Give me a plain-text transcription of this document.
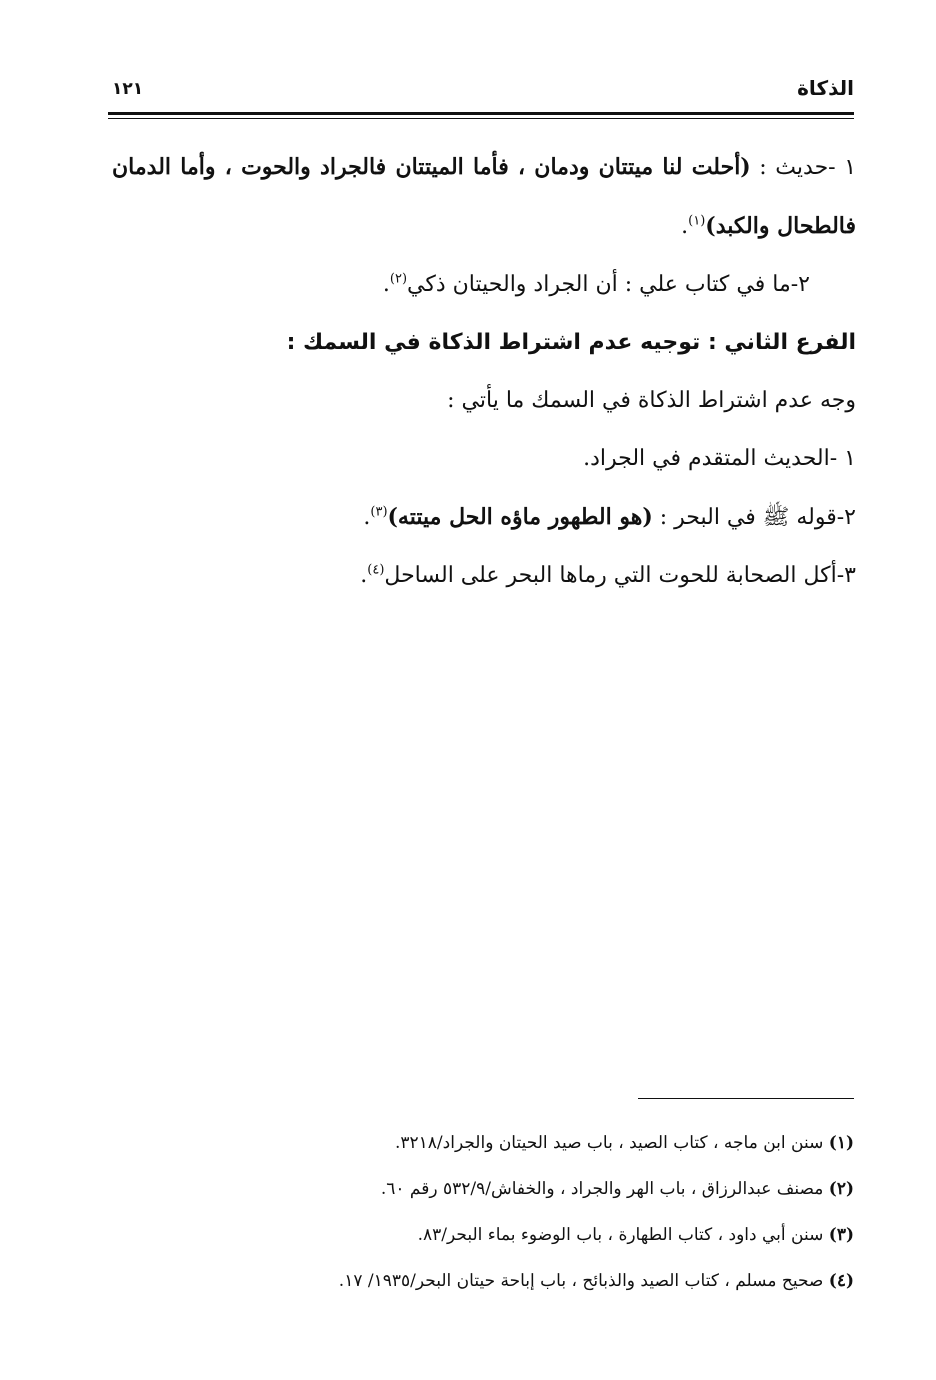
الذكاة
١٢١

١ -حديث : (أحلت لنا ميتتان ودمان ، فأما الميتتان فالجراد والحوت ، وأما الدمان فالطحال والكبد)$^{(١)}$.

٢-ما في كتاب علي : أن الجراد والحيتان ذكي$^{(٢)}$.

الفرع الثاني : توجيه عدم اشتراط الذكاة في السمك :

وجه عدم اشتراط الذكاة في السمك ما يأتي :

١ -الحديث المتقدم في الجراد.

٢-قوله ﷺ في البحر : (هو الطهور ماؤه الحل ميتته)$^{(٣)}$.

٣-أكل الصحابة للحوت التي رماها البحر على الساحل$^{(٤)}$.

(١) سنن ابن ماجه ، كتاب الصيد ، باب صيد الحيتان والجراد/٣٢١٨.

(٢) مصنف عبدالرزاق ، باب الهر والجراد ، والخفاش/٥٣٢/٩ رقم ٦٠.

(٣) سنن أبي داود ، كتاب الطهارة ، باب الوضوء بماء البحر/٨٣.

(٤) صحيح مسلم ، كتاب الصيد والذبائح ، باب إباحة حيتان البحر/١٩٣٥/ ١٧.
